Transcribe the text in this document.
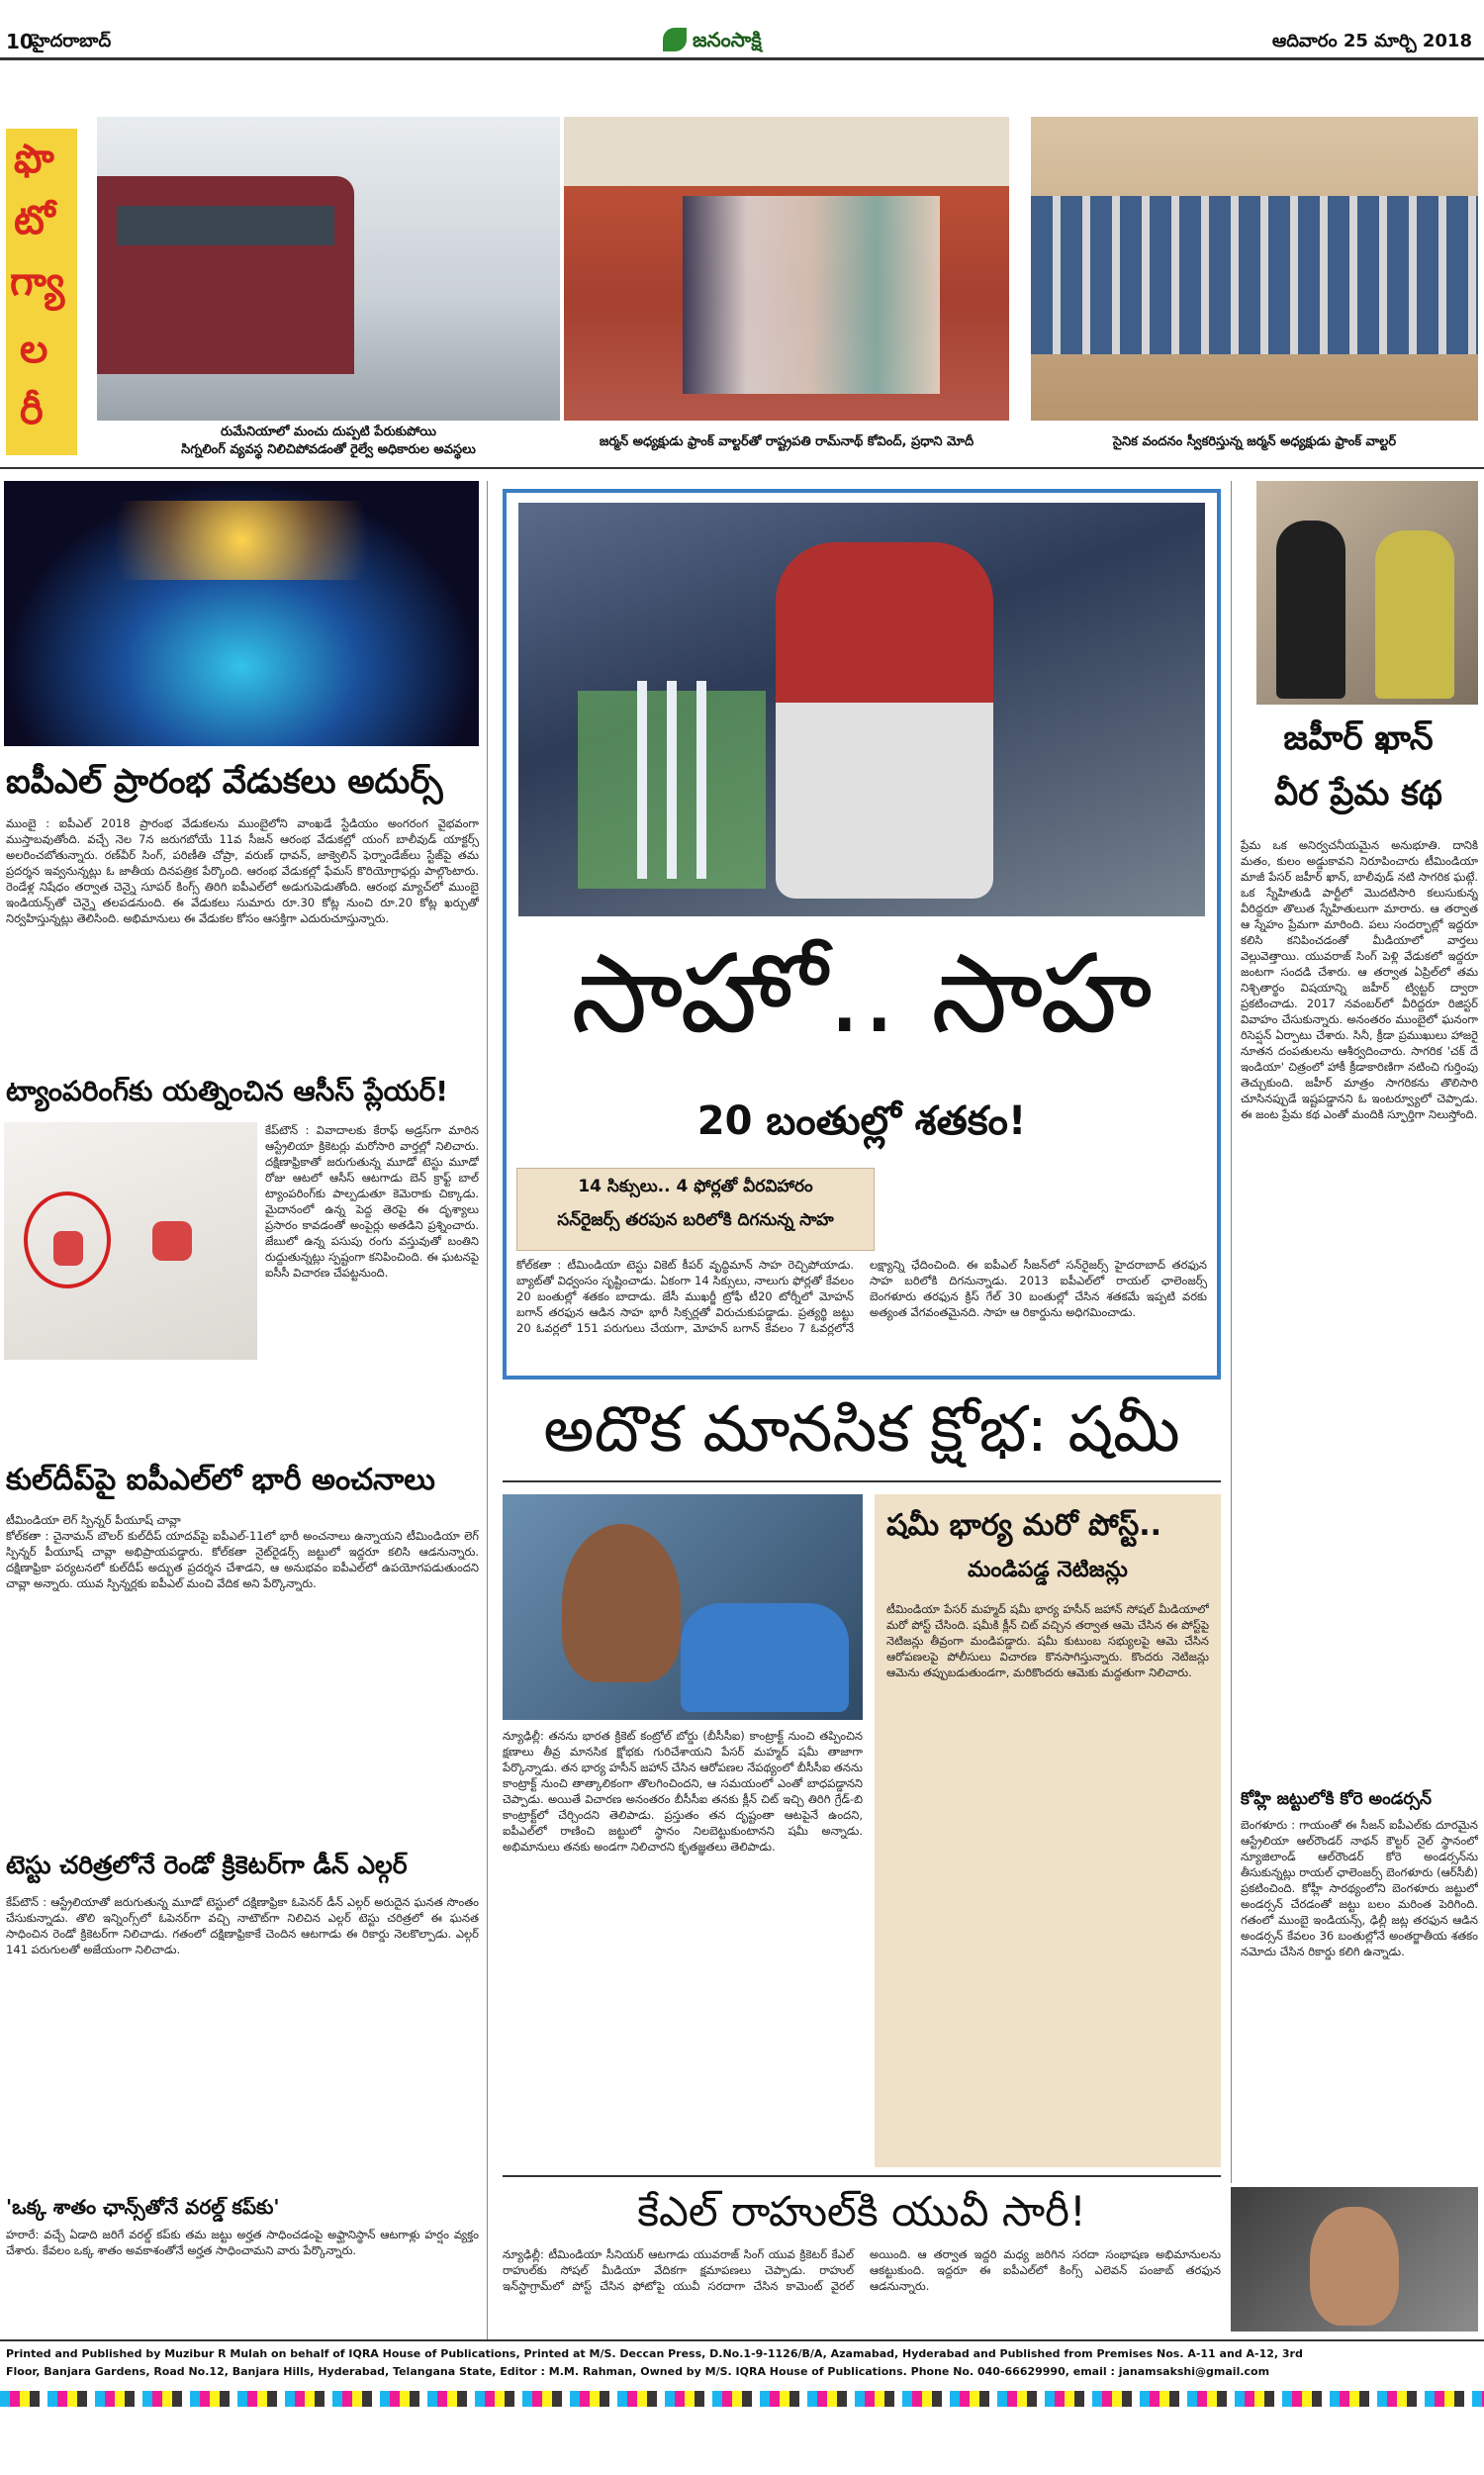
10
హైదరాబాద్	జనంసాక్షి	ఆదివారం 25 మార్చి 2018
ఫొ
టో
గ్యా
ల
రీ	రుమేనియాలో మంచు దుప్పటి పేరుకుపోయి
సిగ్నలింగ్ వ్యవస్థ నిలిచిపోవడంతో రైల్వే అధికారుల అవస్థలు
జర్మన్ అధ్యక్షుడు ఫ్రాంక్ వాల్టర్‌తో రాష్ట్రపతి రామ్‌నాథ్ కోవింద్, ప్రధాని మోదీ	సైనిక వందనం స్వీకరిస్తున్న జర్మన్ అధ్యక్షుడు ఫ్రాంక్ వాల్టర్
ఐపీఎల్ ప్రారంభ వేడుకలు అదుర్స్
ముంబై : ఐపీఎల్ 2018 ప్రారంభ వేడుకలను ముంబైలోని వాంఖడే స్టేడియం అంగరంగ వైభవంగా ముస్తాబవుతోంది. వచ్చే నెల 7న జరుగబోయే 11వ సీజన్ ఆరంభ వేడుకల్లో యంగ్ బాలీవుడ్ యాక్టర్స్ అలరించబోతున్నారు. రణ్‌వీర్ సింగ్, పరిణీతి చోప్రా, వరుణ్ ధావన్, జాక్వెలిన్ ఫెర్నాండేజ్‌లు స్టేజ్‌పై తమ ప్రదర్శన ఇవ్వనున్నట్లు ఓ జాతీయ దినపత్రిక పేర్కొంది. ఆరంభ వేడుకల్లో ఫేమస్ కొరియోగ్రాఫర్లు పాల్గొంటారు. రెండేళ్ల నిషేధం తర్వాత చెన్నై సూపర్ కింగ్స్ తిరిగి ఐపీఎల్‌లో అడుగుపెడుతోంది. ఆరంభ మ్యాచ్‌లో ముంబై ఇండియన్స్‌తో చెన్నై తలపడనుంది. ఈ వేడుకలు సుమారు రూ.30 కోట్ల నుంచి రూ.20 కోట్ల ఖర్చుతో నిర్వహిస్తున్నట్లు తెలిసింది. అభిమానులు ఈ వేడుకల కోసం ఆసక్తిగా ఎదురుచూస్తున్నారు.
ట్యాంపరింగ్‌కు యత్నించిన ఆసీస్ ప్లేయర్!
కేప్‌టౌన్ : వివాదాలకు కేరాఫ్ అడ్రస్‌గా మారిన ఆస్ట్రేలియా క్రికెటర్లు మరోసారి వార్తల్లో నిలిచారు. దక్షిణాఫ్రికాతో జరుగుతున్న మూడో టెస్టు మూడో రోజు ఆటలో ఆసీస్ ఆటగాడు బెన్ క్రాఫ్ట్ బాల్ ట్యాంపరింగ్‌కు పాల్పడుతూ కెమెరాకు చిక్కాడు. మైదానంలో ఉన్న పెద్ద తెరపై ఈ దృశ్యాలు ప్రసారం కావడంతో అంపైర్లు అతడిని ప్రశ్నించారు. జేబులో ఉన్న పసుపు రంగు వస్తువుతో బంతిని రుద్దుతున్నట్లు స్పష్టంగా కనిపించింది. ఈ ఘటనపై ఐసీసీ విచారణ చేపట్టనుంది.
కుల్‌దీప్‌పై ఐపీఎల్‌లో భారీ అంచనాలు
టీమిండియా లెగ్ స్పిన్నర్ పీయూష్ చావ్లా
కోల్‌కతా : చైనామన్ బౌలర్ కుల్‌దీప్ యాదవ్‌పై ఐపీఎల్-11లో భారీ అంచనాలు ఉన్నాయని టీమిండియా లెగ్ స్పిన్నర్ పీయూష్ చావ్లా అభిప్రాయపడ్డారు. కోల్‌కతా నైట్‌రైడర్స్ జట్టులో ఇద్దరూ కలిసి ఆడనున్నారు. దక్షిణాఫ్రికా పర్యటనలో కుల్‌దీప్ అద్భుత ప్రదర్శన చేశాడని, ఆ అనుభవం ఐపీఎల్‌లో ఉపయోగపడుతుందని చావ్లా అన్నారు. యువ స్పిన్నర్లకు ఐపీఎల్ మంచి వేదిక అని పేర్కొన్నారు.
టెస్టు చరిత్రలోనే రెండో క్రికెటర్‌గా డీన్ ఎల్గర్
కేప్‌టౌన్ : ఆస్ట్రేలియాతో జరుగుతున్న మూడో టెస్టులో దక్షిణాఫ్రికా ఓపెనర్ డీన్ ఎల్గర్ అరుదైన ఘనత సొంతం చేసుకున్నాడు. తొలి ఇన్నింగ్స్‌లో ఓపెనర్‌గా వచ్చి నాటౌట్‌గా నిలిచిన ఎల్గర్ టెస్టు చరిత్రలో ఈ ఘనత సాధించిన రెండో క్రికెటర్‌గా నిలిచాడు. గతంలో దక్షిణాఫ్రికాకే చెందిన ఆటగాడు ఈ రికార్డు నెలకొల్పాడు. ఎల్గర్ 141 పరుగులతో అజేయంగా నిలిచాడు.
'ఒక్క శాతం ఛాన్స్‌తోనే వరల్డ్ కప్‌కు'
హరారే: వచ్చే ఏడాది జరిగే వరల్డ్ కప్‌కు తమ జట్టు అర్హత సాధించడంపై అఫ్ఘానిస్థాన్ ఆటగాళ్లు హర్షం వ్యక్తం చేశారు. కేవలం ఒక్క శాతం అవకాశంతోనే అర్హత సాధించామని వారు పేర్కొన్నారు.
సాహో.. సాహ
20 బంతుల్లో శతకం!
14 సిక్సులు.. 4 ఫోర్లతో వీరవిహారం
సన్‌రైజర్స్ తరపున బరిలోకి దిగనున్న సాహ
కోల్‌కతా : టీమిండియా టెస్టు వికెట్ కీపర్ వృద్ధిమాన్ సాహ రెచ్చిపోయాడు. బ్యాట్‌తో విధ్వంసం సృష్టించాడు. ఏకంగా 14 సిక్సులు, నాలుగు ఫోర్లతో కేవలం 20 బంతుల్లో శతకం బాదాడు. జేసీ ముఖర్జీ ట్రోఫీ టీ20 టోర్నీలో మోహన్ బగాన్ తరఫున ఆడిన సాహ భారీ సిక్సర్లతో విరుచుకుపడ్డాడు. ప్రత్యర్థి జట్టు 20 ఓవర్లలో 151 పరుగులు చేయగా, మోహన్ బగాన్ కేవలం 7 ఓవర్లలోనే లక్ష్యాన్ని ఛేదించింది. ఈ ఐపీఎల్ సీజన్‌లో సన్‌రైజర్స్ హైదరాబాద్ తరఫున సాహ బరిలోకి దిగనున్నాడు. 2013 ఐపీఎల్‌లో రాయల్ ఛాలెంజర్స్ బెంగళూరు తరఫున క్రిస్ గేల్ 30 బంతుల్లో చేసిన శతకమే ఇప్పటి వరకు అత్యంత వేగవంతమైనది. సాహ ఆ రికార్డును అధిగమించాడు.
అదొక మానసిక క్షోభ: షమీ
న్యూఢిల్లీ: తనను భారత క్రికెట్ కంట్రోల్ బోర్డు (బీసీసీఐ) కాంట్రాక్ట్ నుంచి తప్పించిన క్షణాలు తీవ్ర మానసిక క్షోభకు గురిచేశాయని పేసర్ మహ్మద్ షమీ తాజాగా పేర్కొన్నాడు. తన భార్య హసీన్ జహాన్ చేసిన ఆరోపణల నేపథ్యంలో బీసీసీఐ తనను కాంట్రాక్ట్ నుంచి తాత్కాలికంగా తొలగించిందని, ఆ సమయంలో ఎంతో బాధపడ్డానని చెప్పాడు. అయితే విచారణ అనంతరం బీసీసీఐ తనకు క్లీన్ చిట్ ఇచ్చి తిరిగి గ్రేడ్-బి కాంట్రాక్ట్‌లో చేర్చిందని తెలిపాడు. ప్రస్తుతం తన దృష్టంతా ఆటపైనే ఉందని, ఐపీఎల్‌లో రాణించి జట్టులో స్థానం నిలబెట్టుకుంటానని షమీ అన్నాడు. అభిమానులు తనకు అండగా నిలిచారని కృతజ్ఞతలు తెలిపాడు.
షమీ భార్య మరో పోస్ట్..
మండిపడ్డ నెటిజన్లు
టీమిండియా పేసర్ మహ్మద్ షమీ భార్య హసీన్ జహాన్ సోషల్ మీడియాలో మరో పోస్ట్ చేసింది. షమీకి క్లీన్ చిట్ వచ్చిన తర్వాత ఆమె చేసిన ఈ పోస్ట్‌పై నెటిజన్లు తీవ్రంగా మండిపడ్డారు. షమీ కుటుంబ సభ్యులపై ఆమె చేసిన ఆరోపణలపై పోలీసులు విచారణ కొనసాగిస్తున్నారు. కొందరు నెటిజన్లు ఆమెను తప్పుబడుతుండగా, మరికొందరు ఆమెకు మద్దతుగా నిలిచారు.
కేఎల్ రాహుల్‌కి యువీ సారీ!
న్యూఢిల్లీ: టీమిండియా సీనియర్ ఆటగాడు యువరాజ్ సింగ్ యువ క్రికెటర్ కేఎల్ రాహుల్‌కు సోషల్ మీడియా వేదికగా క్షమాపణలు చెప్పాడు. రాహుల్ ఇన్‌స్టాగ్రామ్‌లో పోస్ట్ చేసిన ఫోటోపై యువీ సరదాగా చేసిన కామెంట్ వైరల్ అయింది. ఆ తర్వాత ఇద్దరి మధ్య జరిగిన సరదా సంభాషణ అభిమానులను ఆకట్టుకుంది. ఇద్దరూ ఈ ఐపీఎల్‌లో కింగ్స్ ఎలెవన్ పంజాబ్ తరఫున ఆడనున్నారు.
జహీర్ ఖాన్
వీర ప్రేమ కథ
ప్రేమ ఒక అనిర్వచనీయమైన అనుభూతి. దానికి మతం, కులం అడ్డుకావని నిరూపించారు టీమిండియా మాజీ పేసర్ జహీర్ ఖాన్, బాలీవుడ్ నటి సాగరిక ఘట్గే. ఒక స్నేహితుడి పార్టీలో మొదటిసారి కలుసుకున్న వీరిద్దరూ తొలుత స్నేహితులుగా మారారు. ఆ తర్వాత ఆ స్నేహం ప్రేమగా మారింది. పలు సందర్భాల్లో ఇద్దరూ కలిసి కనిపించడంతో మీడియాలో వార్తలు వెల్లువెత్తాయి. యువరాజ్ సింగ్ పెళ్లి వేడుకలో ఇద్దరూ జంటగా సందడి చేశారు. ఆ తర్వాత ఏప్రిల్‌లో తమ నిశ్చితార్థం విషయాన్ని జహీర్ ట్విట్టర్ ద్వారా ప్రకటించాడు. 2017 నవంబర్‌లో వీరిద్దరూ రిజిస్టర్ వివాహం చేసుకున్నారు. అనంతరం ముంబైలో ఘనంగా రిసెప్షన్ ఏర్పాటు చేశారు. సినీ, క్రీడా ప్రముఖులు హాజరై నూతన దంపతులను ఆశీర్వదించారు. సాగరిక 'చక్ దే ఇండియా' చిత్రంలో హాకీ క్రీడాకారిణిగా నటించి గుర్తింపు తెచ్చుకుంది. జహీర్ మాత్రం సాగరికను తొలిసారి చూసినప్పుడే ఇష్టపడ్డానని ఓ ఇంటర్వ్యూలో చెప్పాడు. ఈ జంట ప్రేమ కథ ఎంతో మందికి స్ఫూర్తిగా నిలుస్తోంది.
కోహ్లి జట్టులోకి కోరె అండర్సన్
బెంగళూరు : గాయంతో ఈ సీజన్ ఐపీఎల్‌కు దూరమైన ఆస్ట్రేలియా ఆల్‌రౌండర్ నాథన్ కౌల్టర్ నైల్ స్థానంలో న్యూజిలాండ్ ఆల్‌రౌండర్ కోరె అండర్సన్‌ను తీసుకున్నట్లు రాయల్ ఛాలెంజర్స్ బెంగళూరు (ఆర్‌సీబీ) ప్రకటించింది. కోహ్లీ సారథ్యంలోని బెంగళూరు జట్టులో అండర్సన్ చేరడంతో జట్టు బలం మరింత పెరిగింది. గతంలో ముంబై ఇండియన్స్, ఢిల్లీ జట్ల తరఫున ఆడిన అండర్సన్ కేవలం 36 బంతుల్లోనే అంతర్జాతీయ శతకం నమోదు చేసిన రికార్డు కలిగి ఉన్నాడు.
Printed and Published by Muzibur R Mulah on behalf of IQRA House of Publications, Printed at M/S. Deccan Press, D.No.1-9-1126/B/A, Azamabad, Hyderabad and Published from Premises Nos. A-11 and A-12, 3rd
Floor, Banjara Gardens, Road No.12, Banjara Hills, Hyderabad, Telangana State, Editor : M.M. Rahman, Owned by M/S. IQRA House of Publications. Phone No. 040-66629990, email : janamsakshi@gmail.com
